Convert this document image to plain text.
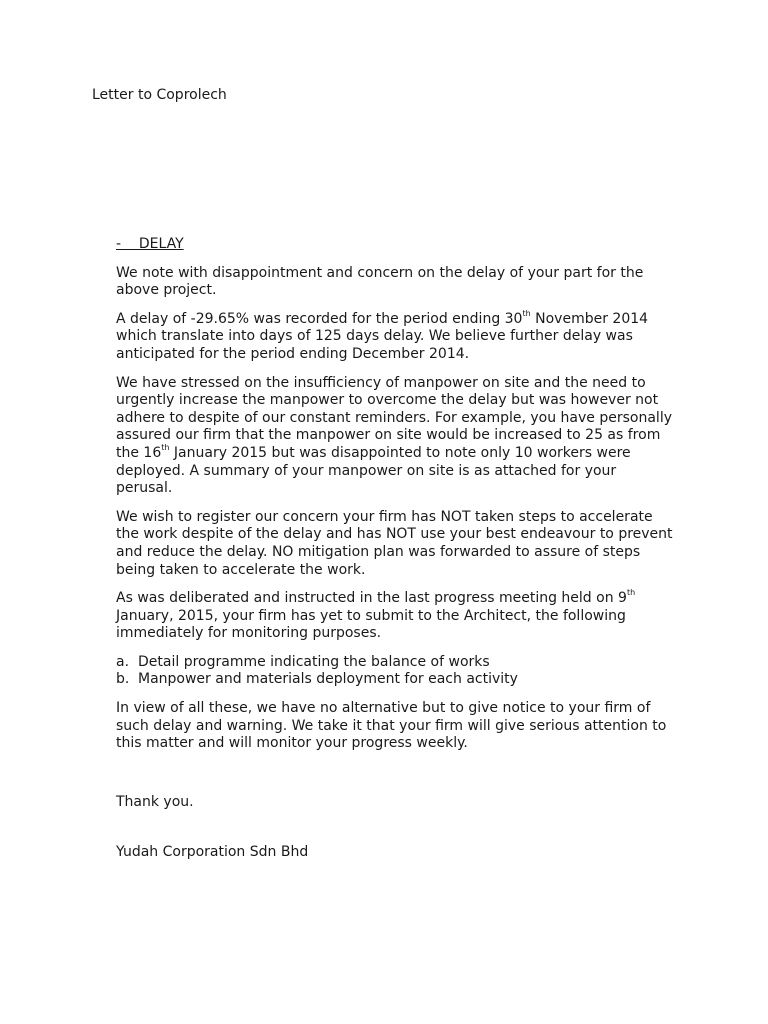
Letter to Coprolech

-    DELAY

We note with disappointment and concern on the delay of your part for the above project.

A delay of -29.65% was recorded for the period ending 30th November 2014 which translate into days of 125 days delay. We believe further delay was anticipated for the period ending December 2014.

We have stressed on the insufficiency of manpower on site and the need to urgently increase the manpower to overcome the delay but was however not adhere to despite of our constant reminders. For example, you have personally assured our firm that the manpower on site would be increased to 25 as from the 16th January 2015 but was disappointed to note only 10 workers were deployed. A summary of your manpower on site is as attached for your perusal.

We wish to register our concern your firm has NOT taken steps to accelerate the work despite of the delay and has NOT use your best endeavour to prevent and reduce the delay. NO mitigation plan was forwarded to assure of steps being taken to accelerate the work.

As was deliberated and instructed in the last progress meeting held on 9th January, 2015, your firm has yet to submit to the Architect, the following immediately for monitoring purposes.

a. Detail programme indicating the balance of works
b. Manpower and materials deployment for each activity

In view of all these, we have no alternative but to give notice to your firm of such delay and warning. We take it that your firm will give serious attention to this matter and will monitor your progress weekly.

Thank you.

Yudah Corporation Sdn Bhd
